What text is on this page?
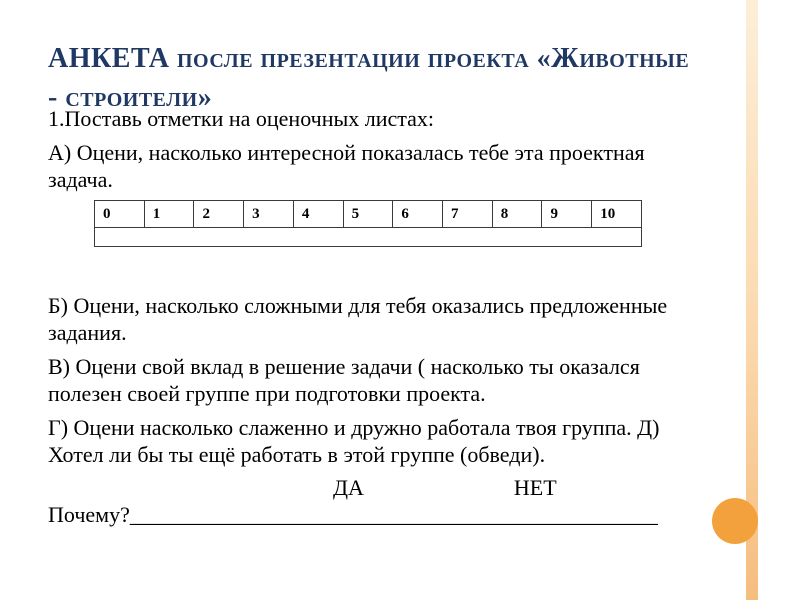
АНКЕТА после презентации проекта «Животные - строители»

1.Поставь отметки на оценочных листах:

А) Оцени, насколько интересной показалась тебе эта проектная задача.

0	1	2	3	4	5	6	7	8	9	10

Б) Оцени, насколько сложными для тебя оказались предложенные задания.

В) Оцени свой вклад в решение задачи ( насколько ты оказался полезен своей группе при подготовки проекта.

Г) Оцени насколько слаженно и дружно работала твоя группа. Д) Хотел ли бы ты ещё работать в этой группе (обведи).

ДА	НЕТ

Почему?________________________________________________
